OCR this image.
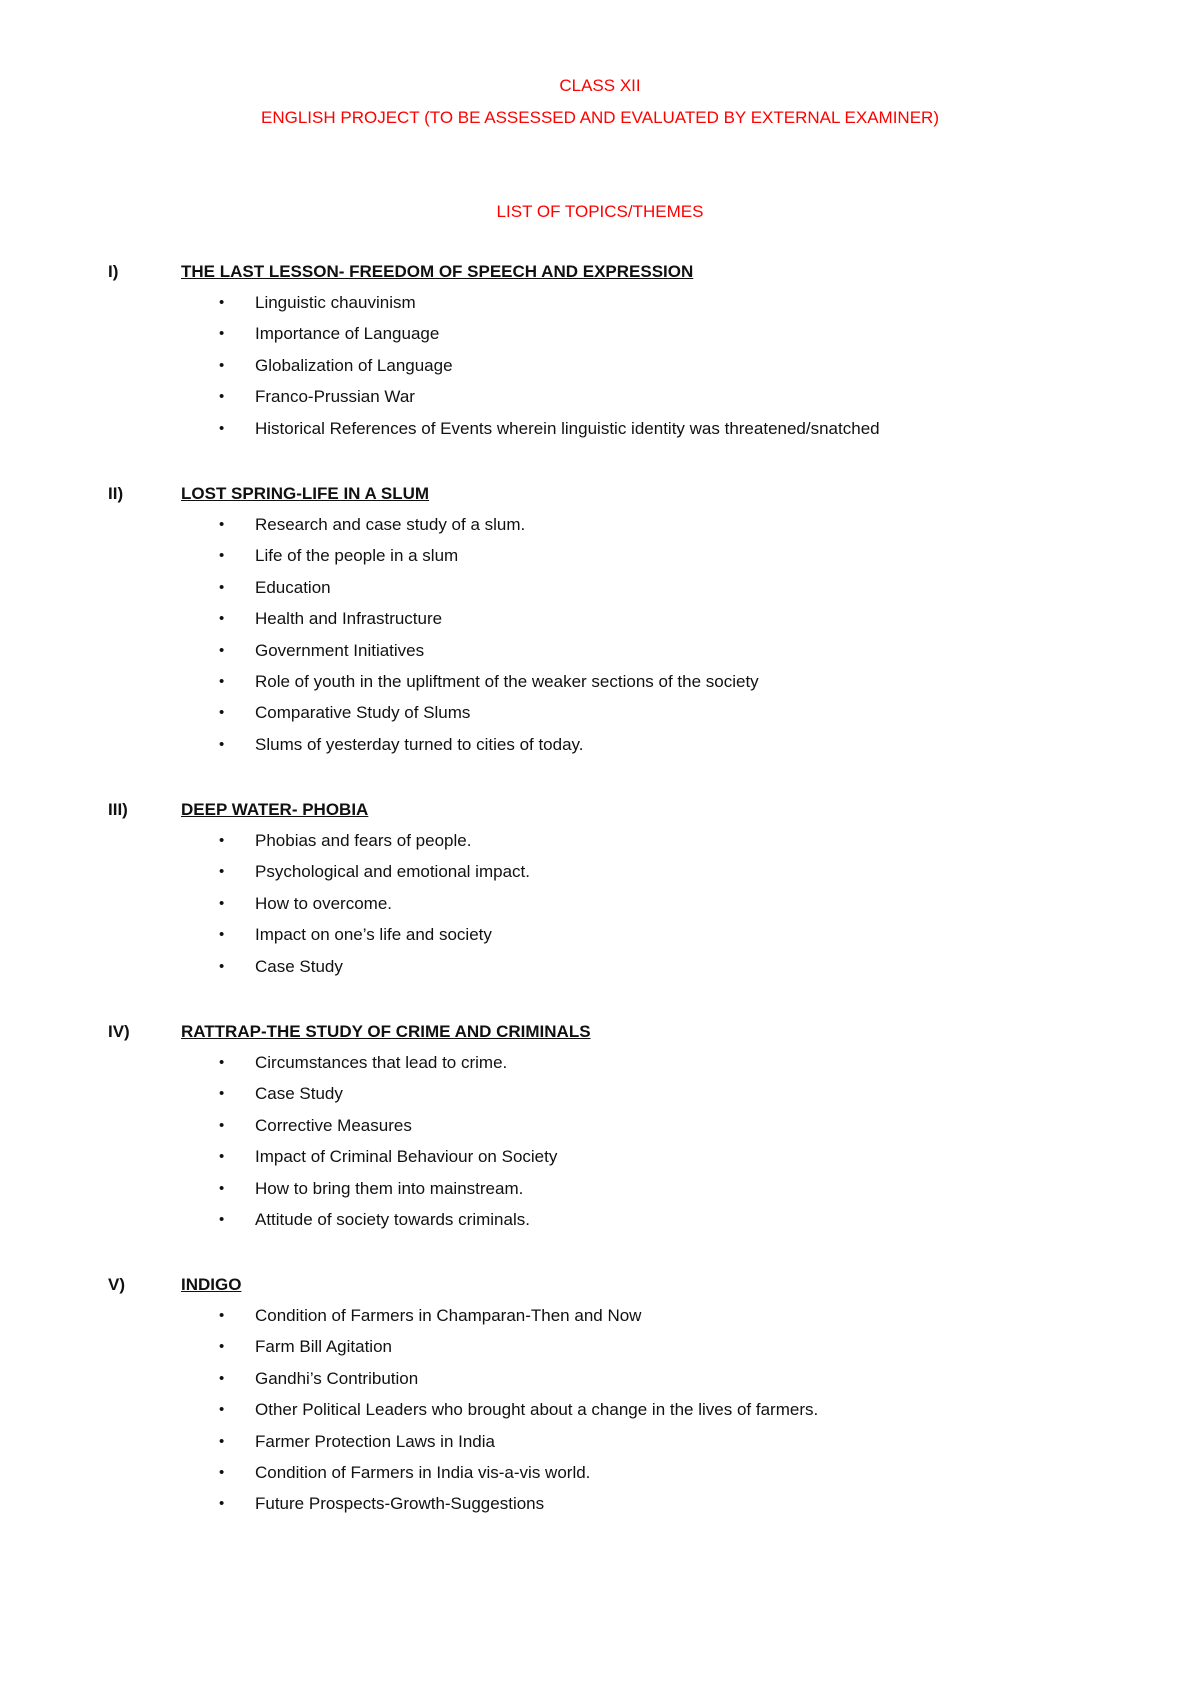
CLASS XII
ENGLISH PROJECT (TO BE ASSESSED AND EVALUATED BY EXTERNAL EXAMINER)
LIST OF TOPICS/THEMES
I)	THE LAST LESSON- FREEDOM OF SPEECH AND EXPRESSION
• Linguistic chauvinism
• Importance of Language
• Globalization of Language
• Franco-Prussian War
• Historical References of Events wherein linguistic identity was threatened/snatched
II)	LOST SPRING-LIFE IN A SLUM
• Research and case study of a slum.
• Life of the people in a slum
• Education
• Health and Infrastructure
• Government Initiatives
• Role of youth in the upliftment of the weaker sections of the society
• Comparative Study of Slums
• Slums of yesterday turned to cities of today.
III)	DEEP WATER- PHOBIA
• Phobias and fears of people.
• Psychological and emotional impact.
• How to overcome.
• Impact on one’s life and society
• Case Study
IV)	RATTRAP-THE STUDY OF CRIME AND CRIMINALS
• Circumstances that lead to crime.
• Case Study
• Corrective Measures
• Impact of Criminal Behaviour on Society
• How to bring them into mainstream.
• Attitude of society towards criminals.
V)	INDIGO
• Condition of Farmers in Champaran-Then and Now
• Farm Bill Agitation
• Gandhi’s Contribution
• Other Political Leaders who brought about a change in the lives of farmers.
• Farmer Protection Laws in India
• Condition of Farmers in India vis-a-vis world.
• Future Prospects-Growth-Suggestions
